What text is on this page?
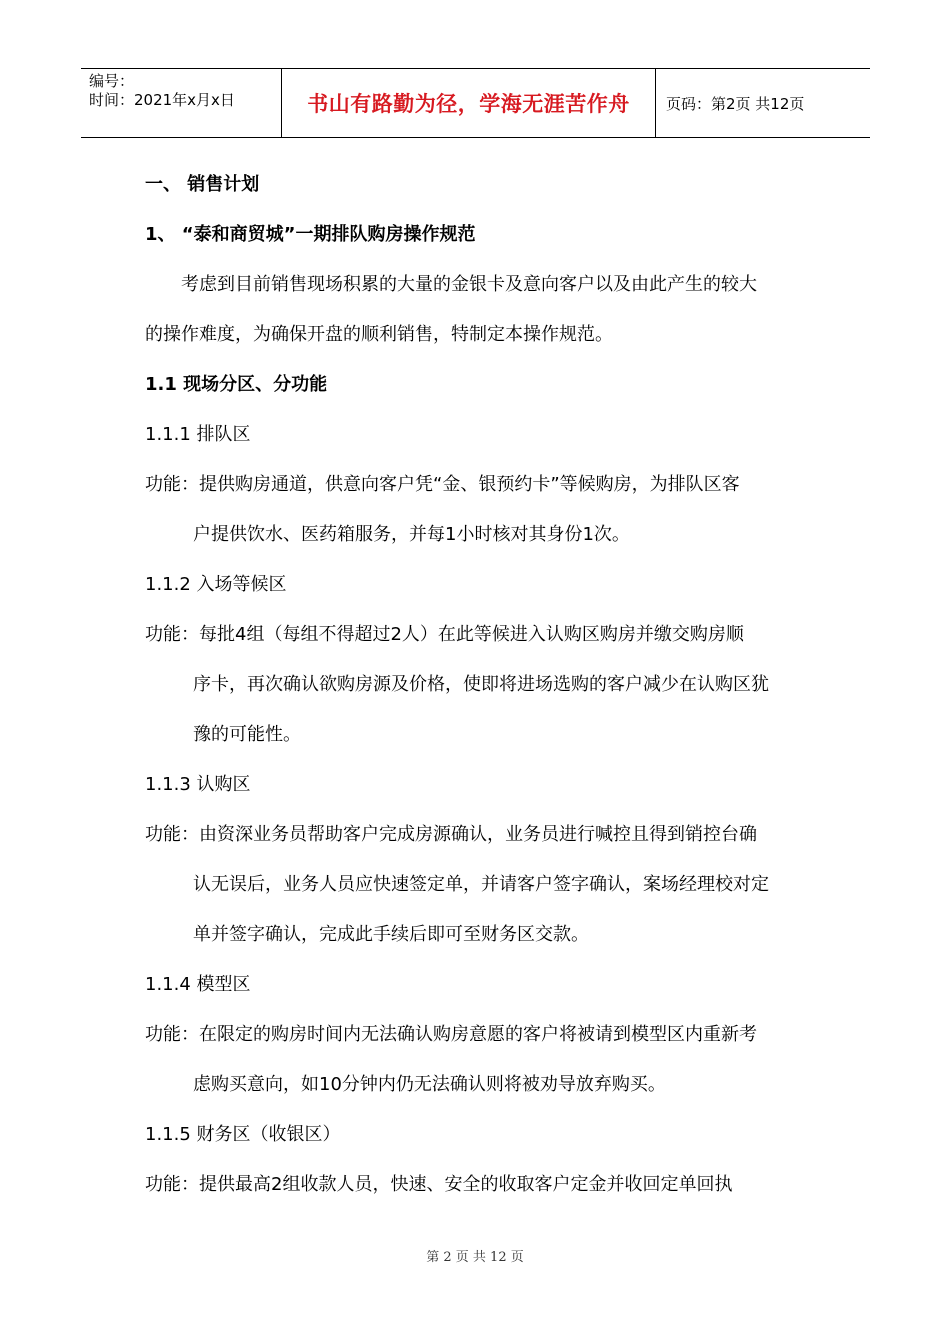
编号：
时间：2021年x月x日	书山有路勤为径，学海无涯苦作舟	页码：第2页 共12页

一、 销售计划

1、 “泰和商贸城”一期排队购房操作规范

考虑到目前销售现场积累的大量的金银卡及意向客户以及由此产生的较大

的操作难度，为确保开盘的顺利销售，特制定本操作规范。

1.1 现场分区、分功能

1.1.1 排队区

功能：提供购房通道，供意向客户凭“金、银预约卡”等候购房，为排队区客

户提供饮水、医药箱服务，并每1小时核对其身份1次。

1.1.2 入场等候区

功能：每批4组（每组不得超过2人）在此等候进入认购区购房并缴交购房顺

序卡，再次确认欲购房源及价格，使即将进场选购的客户减少在认购区犹

豫的可能性。

1.1.3 认购区

功能：由资深业务员帮助客户完成房源确认，业务员进行喊控且得到销控台确

认无误后，业务人员应快速签定单，并请客户签字确认，案场经理校对定

单并签字确认，完成此手续后即可至财务区交款。

1.1.4 模型区

功能：在限定的购房时间内无法确认购房意愿的客户将被请到模型区内重新考

虑购买意向，如10分钟内仍无法确认则将被劝导放弃购买。

1.1.5 财务区（收银区）

功能：提供最高2组收款人员，快速、安全的收取客户定金并收回定单回执

第 2 页 共 12 页
